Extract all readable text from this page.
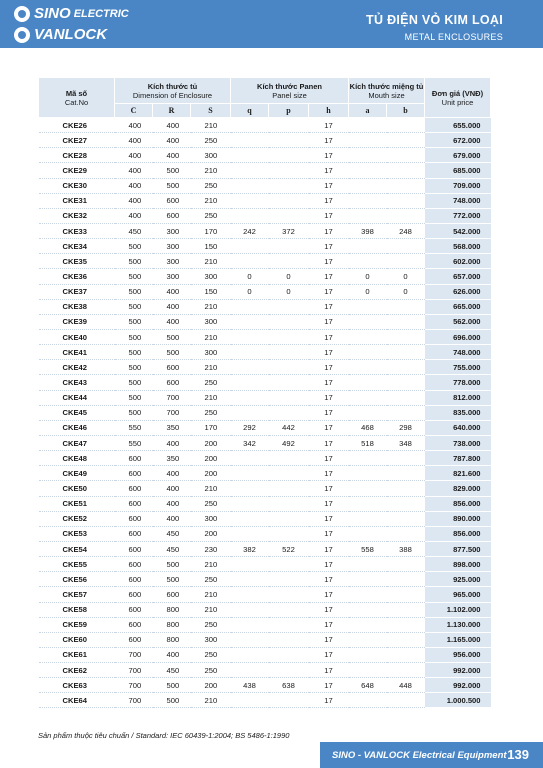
SINO ELECTRIC
VANLOCK
TỦ ĐIỆN VỎ KIM LOẠI
METAL ENCLOSURES
Mã số
Cat.No	Kích thước tủ
Dimension of Enclosure			Kích thước Panen
Panel size			Kích thước miệng tủ
Mouth size		Đơn giá (VNĐ)
Unit price

	C	R	S	q	p	h	a	b	
CKE26	400	400	210			17			655.000
CKE27	400	400	250			17			672.000
CKE28	400	400	300			17			679.000
CKE29	400	500	210			17			685.000
CKE30	400	500	250			17			709.000
CKE31	400	600	210			17			748.000
CKE32	400	600	250			17			772.000
CKE33	450	300	170	242	372	17	398	248	542.000
CKE34	500	300	150			17			568.000
CKE35	500	300	210			17			602.000
CKE36	500	300	300	0	0	17	0	0	657.000
CKE37	500	400	150	0	0	17	0	0	626.000
CKE38	500	400	210			17			665.000
CKE39	500	400	300			17			562.000
CKE40	500	500	210			17			696.000
CKE41	500	500	300			17			748.000
CKE42	500	600	210			17			755.000
CKE43	500	600	250			17			778.000
CKE44	500	700	210			17			812.000
CKE45	500	700	250			17			835.000
CKE46	550	350	170	292	442	17	468	298	640.000
CKE47	550	400	200	342	492	17	518	348	738.000
CKE48	600	350	200			17			787.800
CKE49	600	400	200			17			821.600
CKE50	600	400	210			17			829.000
CKE51	600	400	250			17			856.000
CKE52	600	400	300			17			890.000
CKE53	600	450	200			17			856.000
CKE54	600	450	230	382	522	17	558	388	877.500
CKE55	600	500	210			17			898.000
CKE56	600	500	250			17			925.000
CKE57	600	600	210			17			965.000
CKE58	600	800	210			17			1.102.000
CKE59	600	800	250			17			1.130.000
CKE60	600	800	300			17			1.165.000
CKE61	700	400	250			17			956.000
CKE62	700	450	250			17			992.000
CKE63	700	500	200	438	638	17	648	448	992.000
CKE64	700	500	210			17			1.000.500
Sản phẩm thuộc tiêu chuẩn / Standard: IEC 60439-1:2004; BS 5486-1:1990
SINO - VANLOCK Electrical Equipment 139
